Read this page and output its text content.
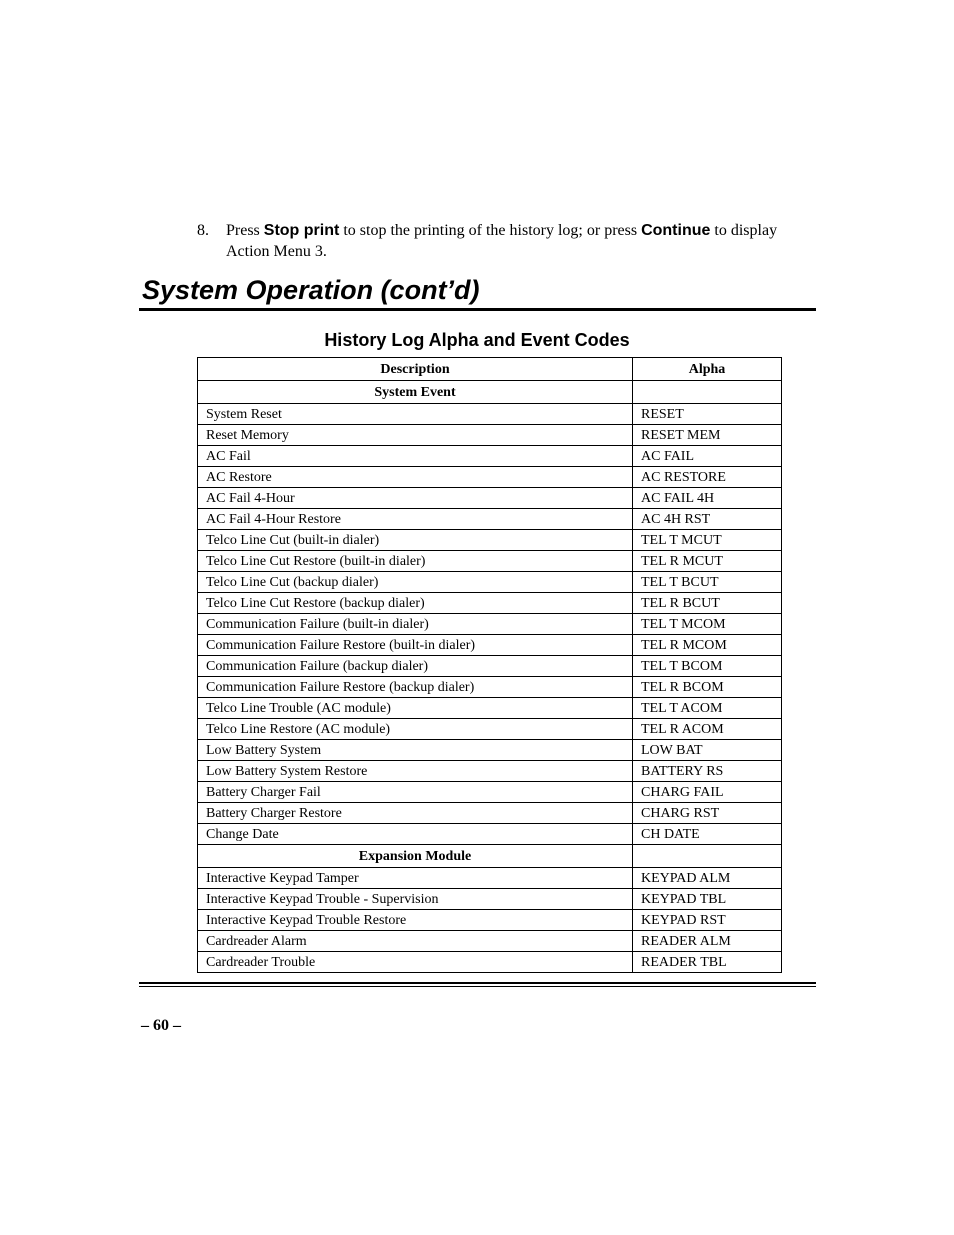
8. Press Stop print to stop the printing of the history log; or press Continue to display Action Menu 3.
System Operation (cont’d)
History Log Alpha and Event Codes
Description	Alpha
System Event	
System Reset	RESET
Reset Memory	RESET MEM
AC Fail	AC FAIL
AC Restore	AC RESTORE
AC Fail 4-Hour	AC FAIL 4H
AC Fail 4-Hour Restore	AC 4H RST
Telco Line Cut (built-in dialer)	TEL T MCUT
Telco Line Cut Restore (built-in dialer)	TEL R MCUT
Telco Line Cut (backup dialer)	TEL T BCUT
Telco Line Cut Restore (backup dialer)	TEL R BCUT
Communication Failure (built-in dialer)	TEL T MCOM
Communication Failure Restore (built-in dialer)	TEL R MCOM
Communication Failure (backup dialer)	TEL T BCOM
Communication Failure Restore (backup dialer)	TEL R BCOM
Telco Line Trouble (AC module)	TEL T ACOM
Telco Line Restore (AC module)	TEL R ACOM
Low Battery System	LOW BAT
Low Battery System Restore	BATTERY RS
Battery Charger Fail	CHARG FAIL
Battery Charger Restore	CHARG RST
Change Date	CH DATE
Expansion Module	
Interactive Keypad Tamper	KEYPAD ALM
Interactive Keypad Trouble - Supervision	KEYPAD TBL
Interactive Keypad Trouble Restore	KEYPAD RST
Cardreader Alarm	READER ALM
Cardreader Trouble	READER TBL
– 60 –
